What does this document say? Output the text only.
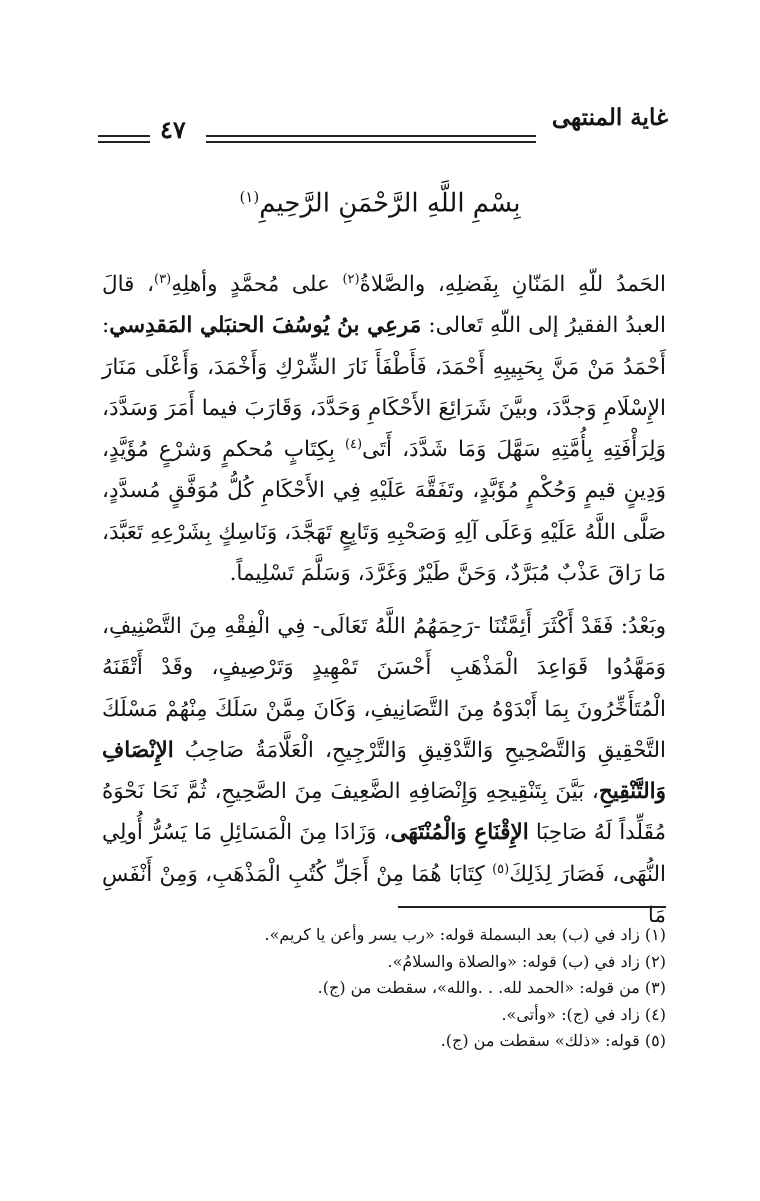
غاية المنتهى
٤٧
بِسْمِ اللَّهِ الرَّحْمَنِ الرَّحِيمِ$^{(١)}$
الحَمدُ للّهِ المَنّانِ بِفَضلِهِ، والصَّلاةُ$^{(٢)}$ على مُحمَّدٍ وأهلِهِ$^{(٣)}$، قالَ العبدُ الفقيرُ إلى اللّهِ تَعالى: مَرعِي بنُ يُوسُفَ الحنبَلي المَقدِسي: أَحْمَدُ مَنْ مَنَّ بِحَبِيبِهِ أَحْمَدَ، فَأَطْفَأَ نَارَ الشِّرْكِ وَأَخْمَدَ، وَأَعْلَى مَنَارَ الإِسْلَامِ وَجدَّدَ، وبيَّنَ شَرَائِعَ الأَحْكَامِ وَحَدَّدَ، وَقَارَبَ فيما أَمَرَ وَسَدَّدَ، وَلِرَأْفَتِهِ بِأُمَّتِهِ سَهَّلَ وَمَا شَدَّدَ، أَتَى$^{(٤)}$ بِكِتَابٍ مُحكمٍ وَشرْعٍ مُؤَيَّدٍ، وَدِينٍ قيمٍ وَحُكْمٍ مُؤَبَّدٍ، وتَفَقَّهَ عَلَيْهِ فِي الأَحْكَامِ كُلُّ مُوَفَّقٍ مُسدَّدٍ، صَلَّى اللَّهُ عَلَيْهِ وَعَلَى آلِهِ وَصَحْبِهِ وَتَابِعٍ تَهَجَّدَ، وَنَاسِكٍ بِشَرْعِهِ تَعَبَّدَ، مَا رَاقَ عَذْبٌ مُبَرَّدٌ، وَحَنَّ طَيْرٌ وَغَرَّدَ، وَسَلَّمَ تَسْلِيماً.
وبَعْدُ: فَقَدْ أَكْثَرَ أَئِمَّتُنَا -رَحِمَهُمُ اللَّهُ تَعَالَى- فِي الْفِقْهِ مِنَ التَّصْنِيفِ، وَمَهَّدُوا قَوَاعِدَ الْمَذْهَبِ أَحْسَنَ تَمْهِيدٍ وَتَرْصِيفٍ، وقَدْ أَتْقَنَهُ الْمُتَأَخِّرُونَ بِمَا أَبْدَوْهُ مِنَ التَّصَانِيفِ، وَكَانَ مِمَّنْ سَلَكَ مِنْهُمْ مَسْلَكَ التَّحْقِيقِ وَالتَّصْحِيحِ وَالتَّدْقِيقِ وَالتَّرْجِيحِ، الْعَلَّامَةُ صَاحِبُ الإِنْصَافِ وَالتَّنْقِيحِ، بَيَّنَ بِتَنْقِيحِهِ وَإِنْصَافِهِ الضَّعِيفَ مِنَ الصَّحِيحِ، ثُمَّ نَحَا نَحْوَهُ مُقَلِّداً لَهُ صَاحِبَا الإِقْنَاعِ وَالْمُنْتَهَى، وَزَادَا مِنَ الْمَسَائِلِ مَا يَسُرُّ أُولِي النُّهَى، فَصَارَ لِذَلِكَ$^{(٥)}$ كِتَابَا هُمَا مِنْ أَجَلِّ كُتُبِ الْمَذْهَبِ، وَمِنْ أَنْفَسِ مَا
(١) زاد في (ب) بعد البسملة قوله: «رب يسر وأعن يا كريم».
(٢) زاد في (ب) قوله: «والصلاة والسلامُ».
(٣) من قوله: «الحمد لله. . .والله»، سقطت من (ج).
(٤) زاد في (ج): «وأتى».
(٥) قوله: «ذلك» سقطت من (ج).
